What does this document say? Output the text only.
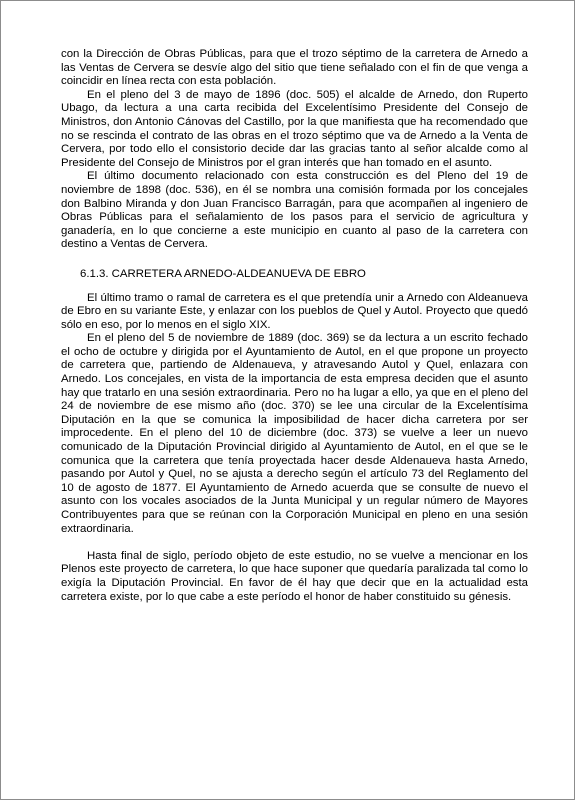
con la Dirección de Obras Públicas, para que el trozo séptimo de la carretera de Arnedo a las Ventas de Cervera se desvíe algo del sitio que tiene señalado con el fin de que venga a coincidir en línea recta con esta población.

En el pleno del 3 de mayo de 1896 (doc. 505) el alcalde de Arnedo, don Ruperto Ubago, da lectura a una carta recibida del Excelentísimo Presidente del Consejo de Ministros, don Antonio Cánovas del Castillo, por la que manifiesta que ha recomendado que no se rescinda el contrato de las obras en el trozo séptimo que va de Arnedo a la Venta de Cervera, por todo ello el consistorio decide dar las gracias tanto al señor alcalde como al Presidente del Consejo de Ministros por el gran interés que han tomado en el asunto.

El último documento relacionado con esta construcción es del Pleno del 19 de noviembre de 1898 (doc. 536), en él se nombra una comisión formada por los concejales don Balbino Miranda y don Juan Francisco Barragán, para que acompañen al ingeniero de Obras Públicas para el señalamiento de los pasos para el servicio de agricultura y ganadería, en lo que concierne a este municipio en cuanto al paso de la carretera con destino a Ventas de Cervera.

6.1.3. CARRETERA ARNEDO-ALDEANUEVA DE EBRO

El último tramo o ramal de carretera es el que pretendía unir a Arnedo con Aldeanueva de Ebro en su variante Este, y enlazar con los pueblos de Quel y Autol. Proyecto que quedó sólo en eso, por lo menos en el siglo XIX.

En el pleno del 5 de noviembre de 1889 (doc. 369) se da lectura a un escrito fechado el ocho de octubre y dirigida por el Ayuntamiento de Autol, en el que propone un proyecto de carretera que, partiendo de Aldenaueva, y atravesando Autol y Quel, enlazara con Arnedo. Los concejales, en vista de la importancia de esta empresa deciden que el asunto hay que tratarlo en una sesión extraordinaria. Pero no ha lugar a ello, ya que en el pleno del 24 de noviembre de ese mismo año (doc. 370) se lee una circular de la Excelentísima Diputación en la que se comunica la imposibilidad de hacer dicha carretera por ser improcedente. En el pleno del 10 de diciembre (doc. 373) se vuelve a leer un nuevo comunicado de la Diputación Provincial dirigido al Ayuntamiento de Autol, en el que se le comunica que la carretera que tenía proyectada hacer desde Aldenaueva hasta Arnedo, pasando por Autol y Quel, no se ajusta a derecho según el artículo 73 del Reglamento del 10 de agosto de 1877. El Ayuntamiento de Arnedo acuerda que se consulte de nuevo el asunto con los vocales asociados de la Junta Municipal y un regular número de Mayores Contribuyentes para que se reúnan con la Corporación Municipal en pleno en una sesión extraordinaria.

Hasta final de siglo, período objeto de este estudio, no se vuelve a mencionar en los Plenos este proyecto de carretera, lo que hace suponer que quedaría paralizada tal como lo exigía la Diputación Provincial. En favor de él hay que decir que en la actualidad esta carretera existe, por lo que cabe a este período el honor de haber constituido su génesis.
